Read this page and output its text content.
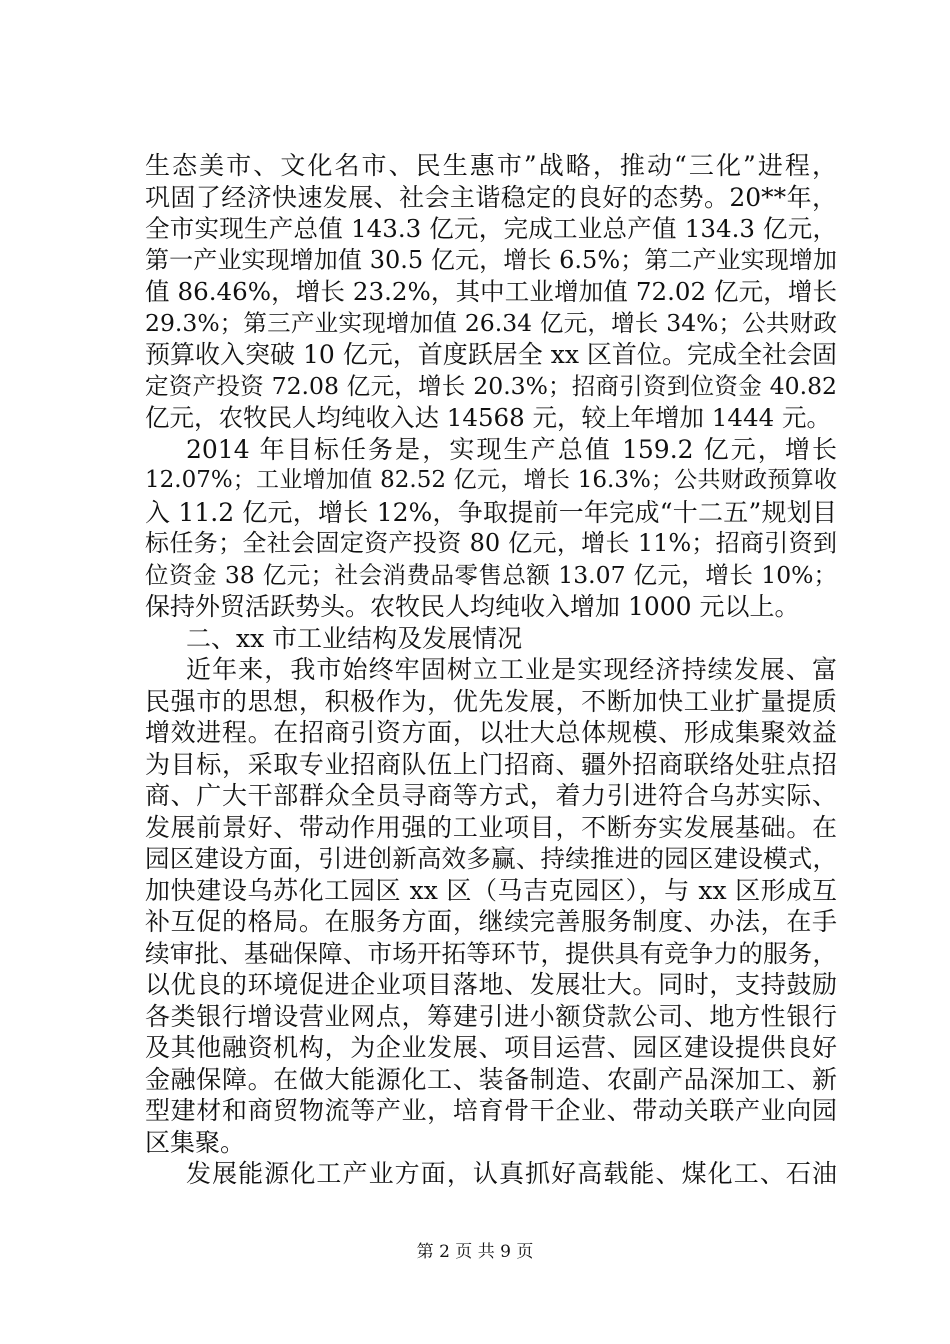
生态美市、文化名市、民生惠市”战略，推动“三化”进程，
巩固了经济快速发展、社会主谐稳定的良好的态势。20**年，
全市实现生产总值 143.3 亿元，完成工业总产值 134.3 亿元，
第一产业实现增加值 30.5 亿元，增长 6.5%；第二产业实现增加
值 86.46%，增长 23.2%，其中工业增加值 72.02 亿元，增长
29.3%；第三产业实现增加值 26.34 亿元，增长 34%；公共财政
预算收入突破 10 亿元，首度跃居全 xx 区首位。完成全社会固
定资产投资 72.08 亿元，增长 20.3%；招商引资到位资金 40.82
亿元，农牧民人均纯收入达 14568 元，较上年增加 1444 元。
2014 年目标任务是，实现生产总值 159.2 亿元，增长
12.07%；工业增加值 82.52 亿元，增长 16.3%；公共财政预算收
入 11.2 亿元，增长 12%，争取提前一年完成“十二五”规划目
标任务；全社会固定资产投资 80 亿元，增长 11%；招商引资到
位资金 38 亿元；社会消费品零售总额 13.07 亿元，增长 10%；
保持外贸活跃势头。农牧民人均纯收入增加 1000 元以上。
二、xx 市工业结构及发展情况
近年来，我市始终牢固树立工业是实现经济持续发展、富
民强市的思想，积极作为，优先发展，不断加快工业扩量提质
增效进程。在招商引资方面，以壮大总体规模、形成集聚效益
为目标，采取专业招商队伍上门招商、疆外招商联络处驻点招
商、广大干部群众全员寻商等方式，着力引进符合乌苏实际、
发展前景好、带动作用强的工业项目，不断夯实发展基础。在
园区建设方面，引进创新高效多赢、持续推进的园区建设模式，
加快建设乌苏化工园区 xx 区（马吉克园区），与 xx 区形成互
补互促的格局。在服务方面，继续完善服务制度、办法，在手
续审批、基础保障、市场开拓等环节，提供具有竞争力的服务，
以优良的环境促进企业项目落地、发展壮大。同时，支持鼓励
各类银行增设营业网点，筹建引进小额贷款公司、地方性银行
及其他融资机构，为企业发展、项目运营、园区建设提供良好
金融保障。在做大能源化工、装备制造、农副产品深加工、新
型建材和商贸物流等产业，培育骨干企业、带动关联产业向园
区集聚。
发展能源化工产业方面，认真抓好高载能、煤化工、石油
第 2 页 共 9 页
